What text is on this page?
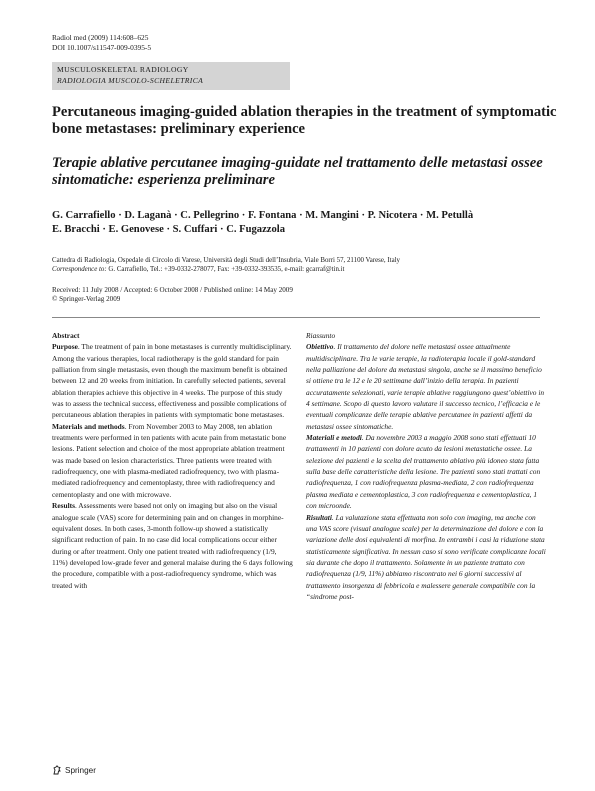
Radiol med (2009) 114:608–625
DOI 10.1007/s11547-009-0395-5
MUSCULOSKELETAL RADIOLOGY
RADIOLOGIA MUSCOLO-SCHELETRICA
Percutaneous imaging-guided ablation therapies in the treatment of symptomatic bone metastases: preliminary experience
Terapie ablative percutanee imaging-guidate nel trattamento delle metastasi ossee sintomatiche: esperienza preliminare
G. Carrafiello · D. Laganà · C. Pellegrino · F. Fontana · M. Mangini · P. Nicotera · M. Petullà
E. Bracchi · E. Genovese · S. Cuffari · C. Fugazzola
Cattedra di Radiologia, Ospedale di Circolo di Varese, Università degli Studi dell’Insubria, Viale Borri 57, 21100 Varese, Italy
Correspondence to: G. Carrafiello, Tel.: +39-0332-278077, Fax: +39-0332-393535, e-mail: gcarraf@tin.it
Received: 11 July 2008 / Accepted: 6 October 2008 / Published online: 14 May 2009
© Springer-Verlag 2009
Abstract

Purpose. The treatment of pain in bone metastases is currently multidisciplinary. Among the various therapies, local radiotherapy is the gold standard for pain palliation from single metastasis, even though the maximum benefit is obtained between 12 and 20 weeks from initiation. In carefully selected patients, several ablation therapies achieve this objective in 4 weeks. The purpose of this study was to assess the technical success, effectiveness and possible complications of percutaneous ablation therapies in patients with symptomatic bone metastases.

Materials and methods. From November 2003 to May 2008, ten ablation treatments were performed in ten patients with acute pain from metastatic bone lesions. Patient selection and choice of the most appropriate ablation treatment was made based on lesion characteristics. Three patients were treated with radiofrequency, one with plasma-mediated radiofrequency, two with plasma-mediated radiofrequency and cementoplasty, three with radiofrequency and cementoplasty and one with microwave.

Results. Assessments were based not only on imaging but also on the visual analogue scale (VAS) score for determining pain and on changes in morphine-equivalent doses. In both cases, 3-month follow-up showed a statistically significant reduction of pain. In no case did local complications occur either during or after treatment. Only one patient treated with radiofrequency (1/9, 11%) developed low-grade fever and general malaise during the 6 days following the procedure, compatible with a post-radiofrequency syndrome, which was treated with

Riassunto

Obiettivo. Il trattamento del dolore nelle metastasi ossee attualmente multidisciplinare. Tra le varie terapie, la radioterapia locale il gold-standard nella palliazione del dolore da metastasi singola, anche se il massimo beneficio si ottiene tra le 12 e le 20 settimane dall’inizio della terapia. In pazienti accuratamente selezionati, varie terapie ablative raggiungono quest’obiettivo in 4 settimane. Scopo di questo lavoro valutare il successo tecnico, l’efficacia e le eventuali complicanze delle terapie ablative percutanee in pazienti affetti da metastasi ossee sintomatiche.

Materiali e metodi. Da novembre 2003 a maggio 2008 sono stati effettuati 10 trattamenti in 10 pazienti con dolore acuto da lesioni metastatiche ossee. La selezione dei pazienti e la scelta del trattamento ablativo più idoneo stata fatta sulla base delle caratteristiche della lesione. Tre pazienti sono stati trattati con radiofrequenza, 1 con radiofrequenza plasma-mediata, 2 con radiofrequenza plasma mediata e cementoplastica, 3 con radiofrequenza e cementoplastica, 1 con microonde.

Risultati. La valutazione stata effettuata non solo con imaging, ma anche con una VAS score (visual analogue scale) per la determinazione del dolore e con la variazione delle dosi equivalenti di morfina. In entrambi i casi la riduzione stata statisticamente significativa. In nessun caso si sono verificate complicanze locali sia durante che dopo il trattamento. Solamente in un paziente trattato con radiofrequenza (1/9, 11%) abbiamo riscontrato nei 6 giorni successivi al trattamento insorgenza di febbricola e malessere generale compatibile con la “sindrome post-

Springer
